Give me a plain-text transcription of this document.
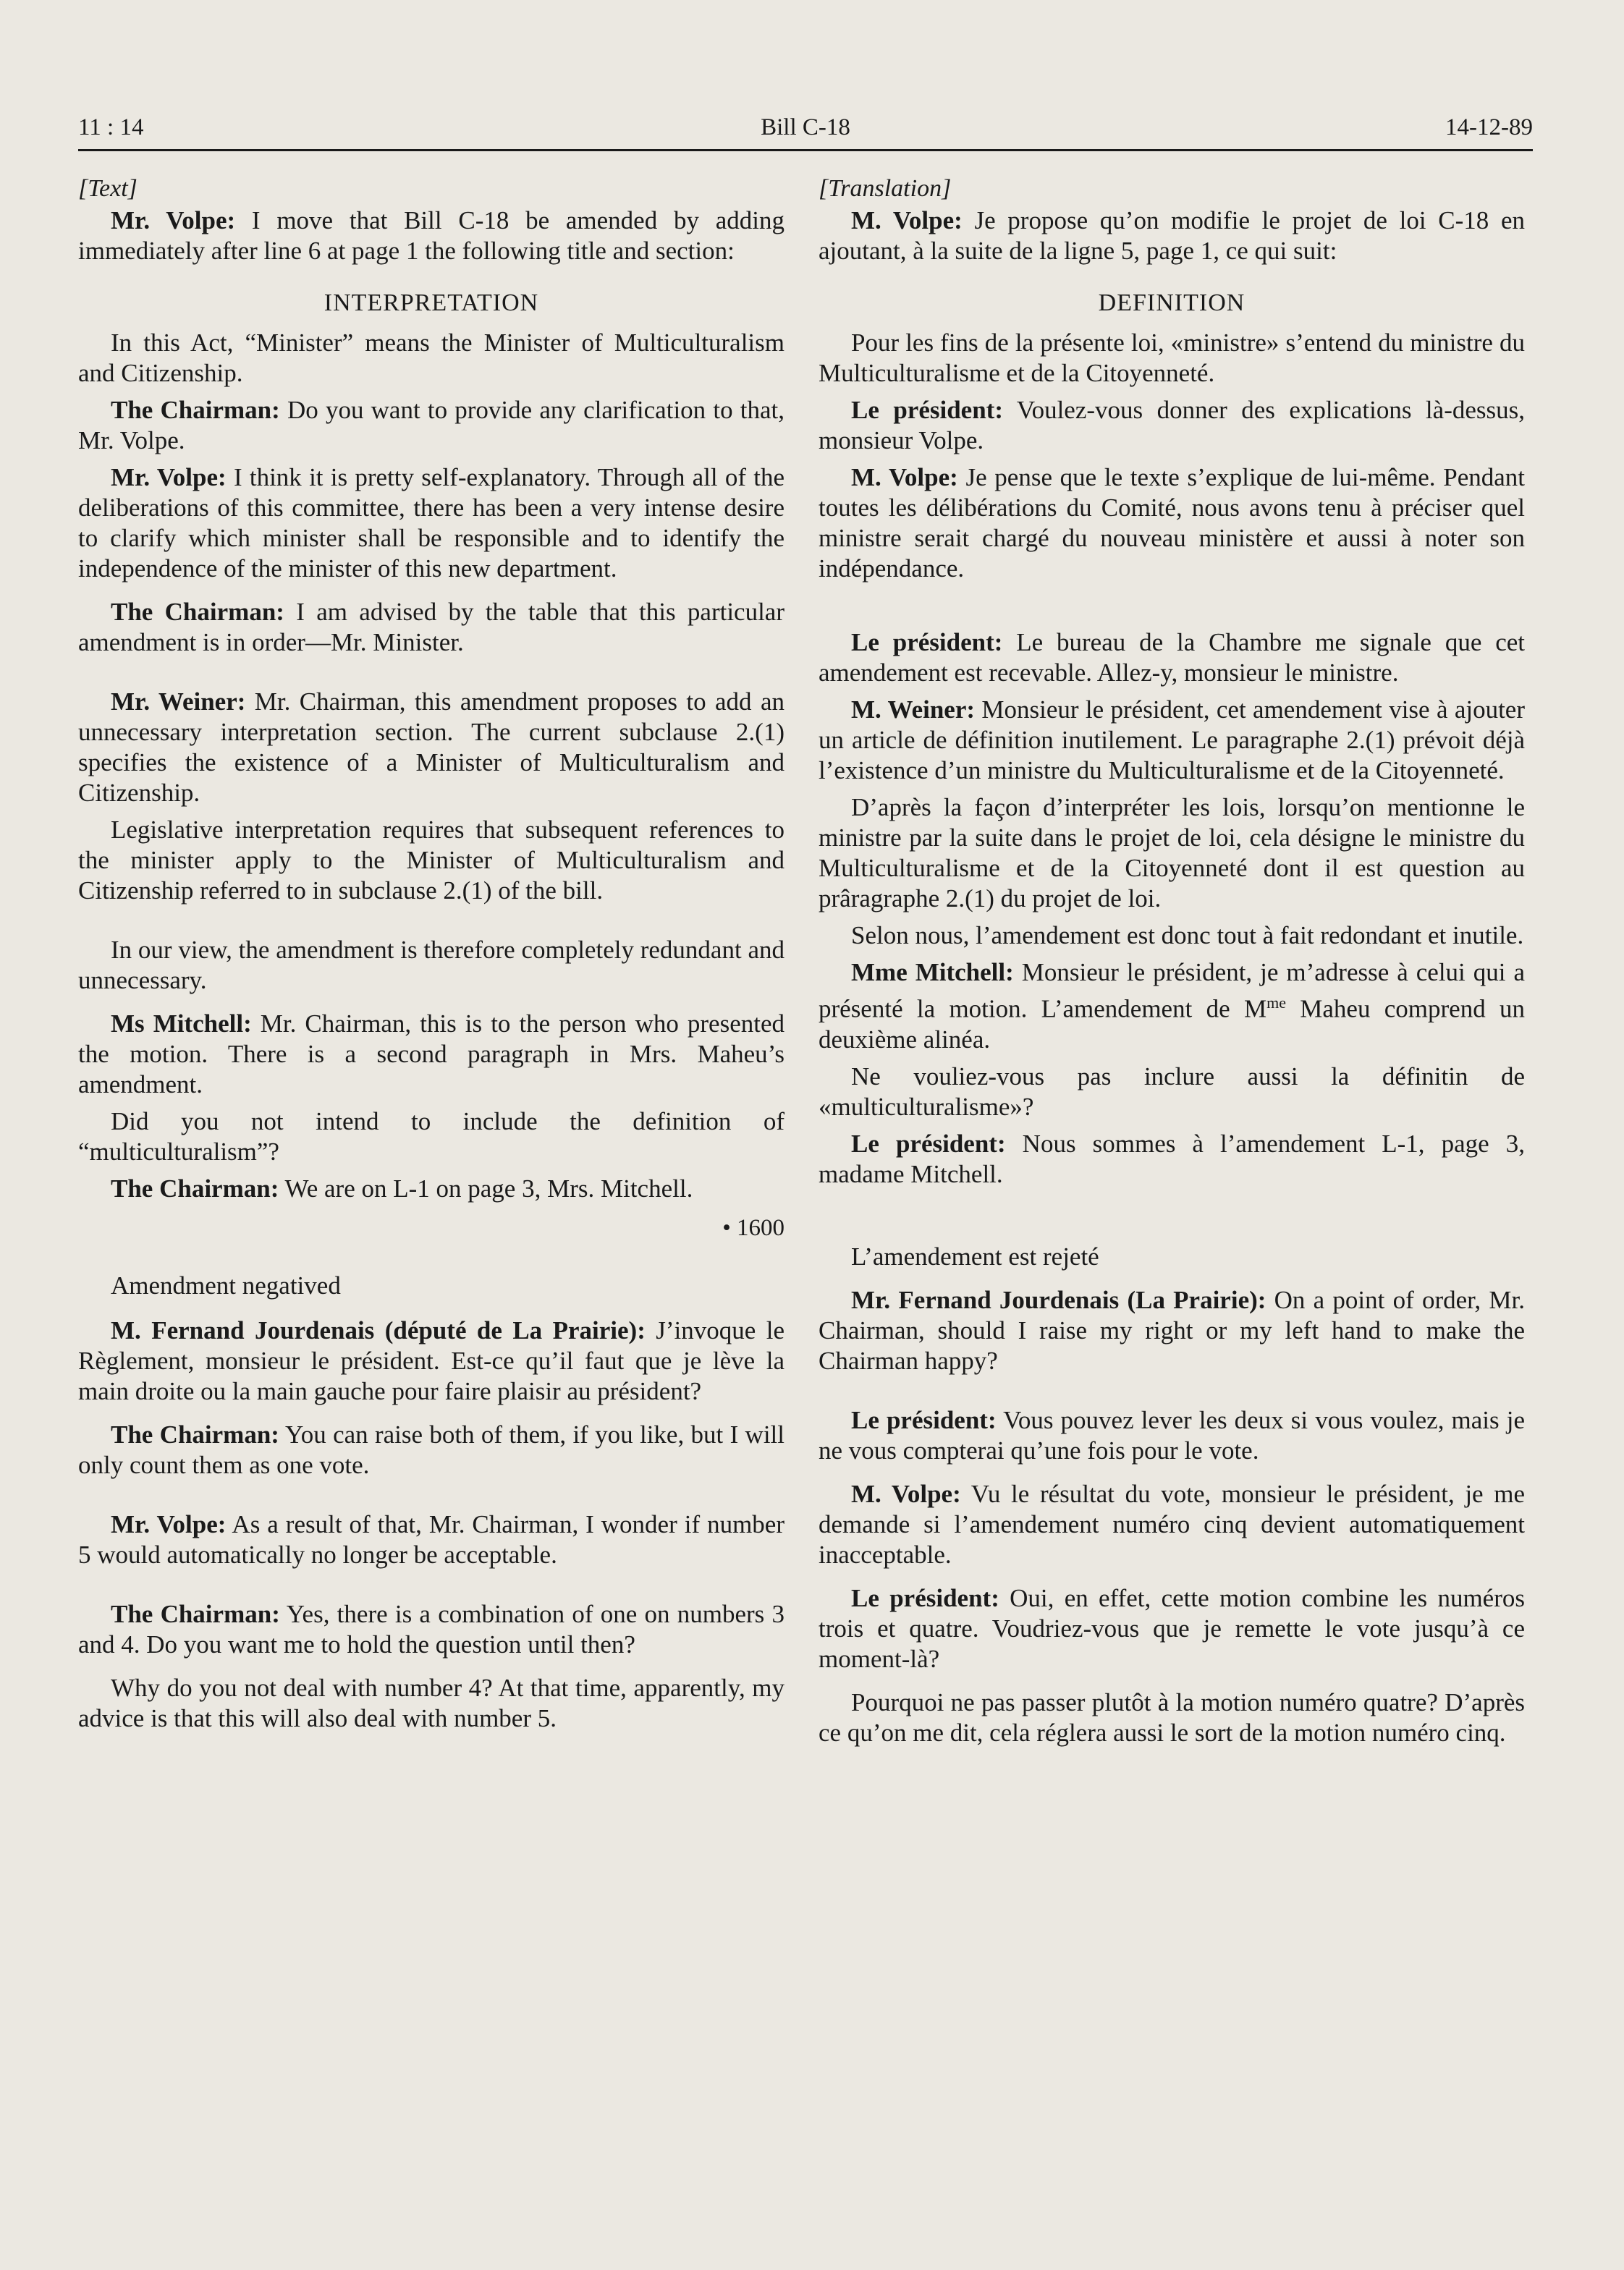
11 : 14	Bill C-18	14-12-89

[Text]

Mr. Volpe: I move that Bill C-18 be amended by adding immediately after line 6 at page 1 the following title and section:

INTERPRETATION

In this Act, “Minister” means the Minister of Multiculturalism and Citizenship.

The Chairman: Do you want to provide any clarification to that, Mr. Volpe.

Mr. Volpe: I think it is pretty self-explanatory. Through all of the deliberations of this committee, there has been a very intense desire to clarify which minister shall be responsible and to identify the independence of the minister of this new department.

The Chairman: I am advised by the table that this particular amendment is in order—Mr. Minister.

Mr. Weiner: Mr. Chairman, this amendment proposes to add an unnecessary interpretation section. The current subclause 2.(1) specifies the existence of a Minister of Multiculturalism and Citizenship.

Legislative interpretation requires that subsequent references to the minister apply to the Minister of Multiculturalism and Citizenship referred to in subclause 2.(1) of the bill.

In our view, the amendment is therefore completely redundant and unnecessary.

Ms Mitchell: Mr. Chairman, this is to the person who presented the motion. There is a second paragraph in Mrs. Maheu’s amendment.

Did you not intend to include the definition of “multiculturalism”?

The Chairman: We are on L-1 on page 3, Mrs. Mitchell.

• 1600

Amendment negatived

M. Fernand Jourdenais (député de La Prairie): J’invoque le Règlement, monsieur le président. Est-ce qu’il faut que je lève la main droite ou la main gauche pour faire plaisir au président?

The Chairman: You can raise both of them, if you like, but I will only count them as one vote.

Mr. Volpe: As a result of that, Mr. Chairman, I wonder if number 5 would automatically no longer be acceptable.

The Chairman: Yes, there is a combination of one on numbers 3 and 4. Do you want me to hold the question until then?

Why do you not deal with number 4? At that time, apparently, my advice is that this will also deal with number 5.

[Translation]

M. Volpe: Je propose qu’on modifie le projet de loi C-18 en ajoutant, à la suite de la ligne 5, page 1, ce qui suit:

DEFINITION

Pour les fins de la présente loi, «ministre» s’entend du ministre du Multiculturalisme et de la Citoyenneté.

Le président: Voulez-vous donner des explications là-dessus, monsieur Volpe.

M. Volpe: Je pense que le texte s’explique de lui-même. Pendant toutes les délibérations du Comité, nous avons tenu à préciser quel ministre serait chargé du nouveau ministère et aussi à noter son indépendance.

Le président: Le bureau de la Chambre me signale que cet amendement est recevable. Allez-y, monsieur le ministre.

M. Weiner: Monsieur le président, cet amendement vise à ajouter un article de définition inutilement. Le paragraphe 2.(1) prévoit déjà l’existence d’un ministre du Multiculturalisme et de la Citoyenneté.

D’après la façon d’interpréter les lois, lorsqu’on mentionne le ministre par la suite dans le projet de loi, cela désigne le ministre du Multiculturalisme et de la Citoyenneté dont il est question au prâragraphe 2.(1) du projet de loi.

Selon nous, l’amendement est donc tout à fait redondant et inutile.

Mme Mitchell: Monsieur le président, je m’adresse à celui qui a présenté la motion. L’amendement de $M^{me}$ Maheu comprend un deuxième alinéa.

Ne vouliez-vous pas inclure aussi la définitin de «multiculturalisme»?

Le président: Nous sommes à l’amendement L-1, page 3, madame Mitchell.

L’amendement est rejeté

Mr. Fernand Jourdenais (La Prairie): On a point of order, Mr. Chairman, should I raise my right or my left hand to make the Chairman happy?

Le président: Vous pouvez lever les deux si vous voulez, mais je ne vous compterai qu’une fois pour le vote.

M. Volpe: Vu le résultat du vote, monsieur le président, je me demande si l’amendement numéro cinq devient automatiquement inacceptable.

Le président: Oui, en effet, cette motion combine les numéros trois et quatre. Voudriez-vous que je remette le vote jusqu’à ce moment-là?

Pourquoi ne pas passer plutôt à la motion numéro quatre? D’après ce qu’on me dit, cela réglera aussi le sort de la motion numéro cinq.
